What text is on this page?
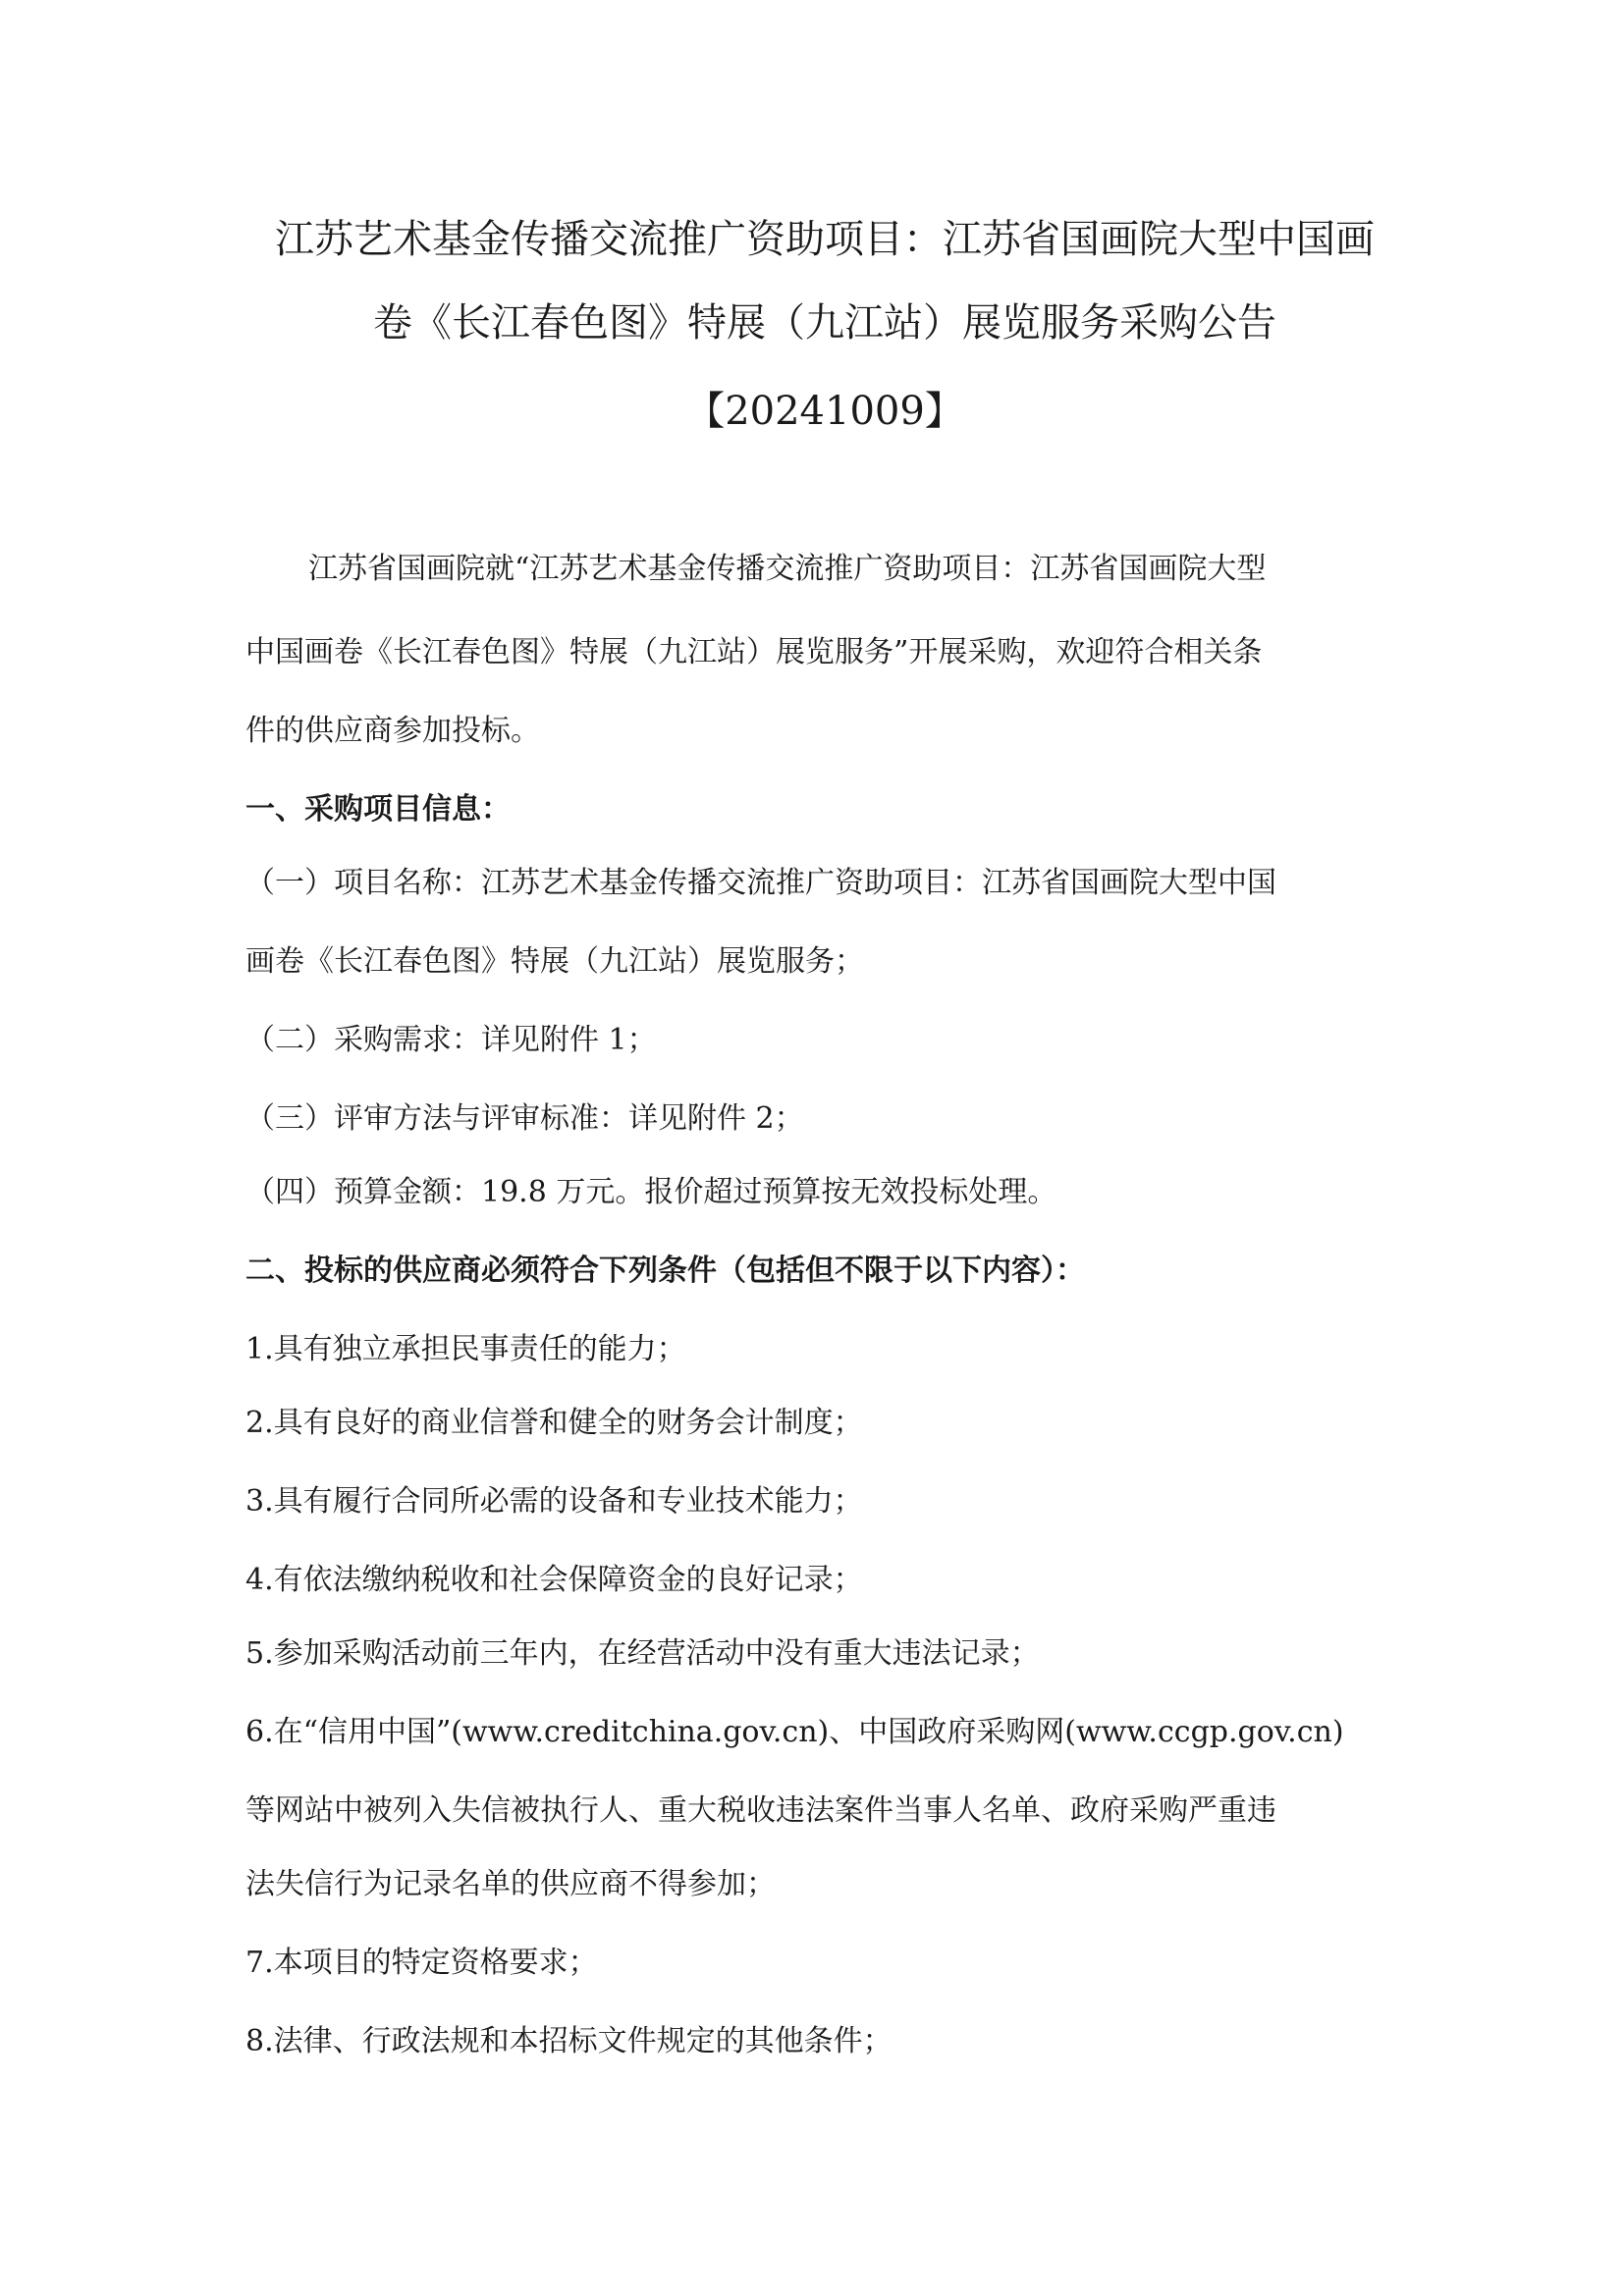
江苏艺术基金传播交流推广资助项目：江苏省国画院大型中国画
卷《长江春色图》特展（九江站）展览服务采购公告
【20241009】
江苏省国画院就“江苏艺术基金传播交流推广资助项目：江苏省国画院大型
中国画卷《长江春色图》特展（九江站）展览服务”开展采购，欢迎符合相关条
件的供应商参加投标。
一、采购项目信息：
（一）项目名称：江苏艺术基金传播交流推广资助项目：江苏省国画院大型中国
画卷《长江春色图》特展（九江站）展览服务；
（二）采购需求：详见附件 1；
（三）评审方法与评审标准：详见附件 2；
（四）预算金额：19.8 万元。报价超过预算按无效投标处理。
二、投标的供应商必须符合下列条件（包括但不限于以下内容）：
1.具有独立承担民事责任的能力；
2.具有良好的商业信誉和健全的财务会计制度；
3.具有履行合同所必需的设备和专业技术能力；
4.有依法缴纳税收和社会保障资金的良好记录；
5.参加采购活动前三年内，在经营活动中没有重大违法记录；
6.在“信用中国”(www.creditchina.gov.cn)、中国政府采购网(www.ccgp.gov.cn)
等网站中被列入失信被执行人、重大税收违法案件当事人名单、政府采购严重违
法失信行为记录名单的供应商不得参加；
7.本项目的特定资格要求；
8.法律、行政法规和本招标文件规定的其他条件；
